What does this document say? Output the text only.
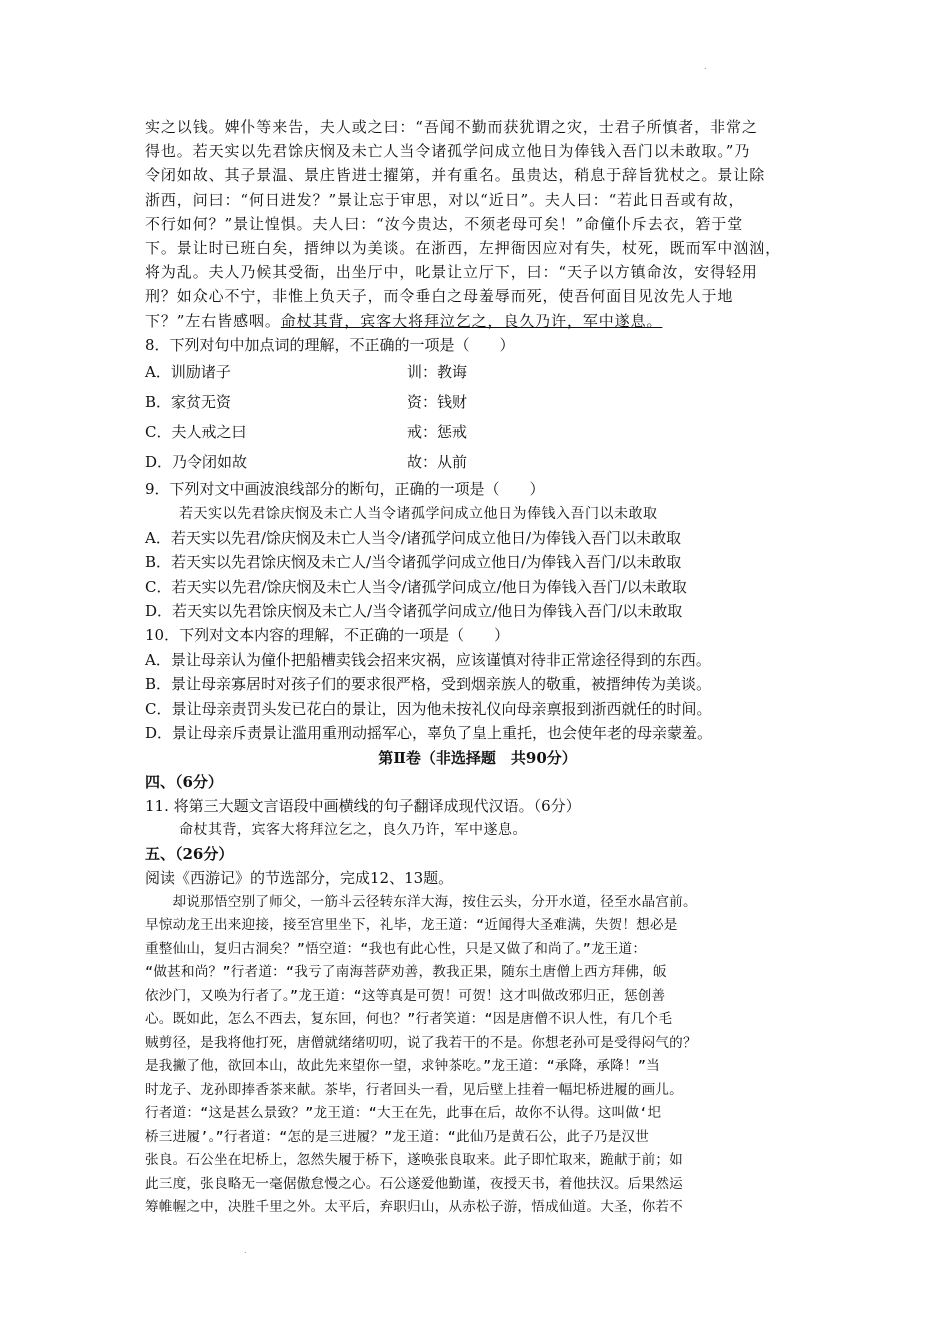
.
实之以钱。婢仆等来告，夫人或之曰：“吾闻不勤而获犹谓之灾，士君子所慎者，非常之
得也。若天实以先君馀庆悯及未亡人当令诸孤学问成立他日为俸钱入吾门以未敢取。”乃
令闭如故、其子景温、景庄皆进士擢第，并有重名。虽贵达，稍息于辞旨犹杖之。景让除
浙西，问曰：“何日进发？”景让忘于审思，对以“近日”。夫人曰：“若此日吾或有故，
不行如何？”景让惶惧。夫人曰：“汝今贵达，不须老母可矣！”命僮仆斥去衣，箬于堂
下。景让时已班白矣，搢绅以为美谈。在浙西，左押衙因应对有失，杖死，既而军中汹汹，
将为乱。夫人乃候其受衙，出坐厅中，叱景让立厅下，曰：“天子以方镇命汝，安得轻用
刑？如众心不宁，非惟上负天子，而令垂白之母羞辱而死，使吾何面目见汝先人于地
下？”左右皆感咽。命杖其背，宾客大将拜泣乞之，良久乃许，军中遂息。
8．下列对句中加点词的理解，不正确的一项是（　　）
A．训励诸子	训：教诲
B．家贫无资	资：钱财
C．夫人戒之曰	戒：惩戒
D．乃令闭如故	故：从前
9．下列对文中画波浪线部分的断句，正确的一项是（　　）
若天实以先君馀庆悯及未亡人当令诸孤学问成立他日为俸钱入吾门以未敢取
A．若天实以先君/馀庆悯及未亡人当令/诸孤学问成立他日/为俸钱入吾门以未敢取
B．若天实以先君馀庆悯及未亡人/当令诸孤学问成立他日/为俸钱入吾门/以未敢取
C．若天实以先君/馀庆悯及未亡人当令/诸孤学问成立/他日为俸钱入吾门/以未敢取
D．若天实以先君馀庆悯及未亡人/当令诸孤学问成立/他日为俸钱入吾门/以未敢取
10．下列对文本内容的理解，不正确的一项是（　　）
A．景让母亲认为僮仆把船槽卖钱会招来灾祸，应该谨慎对待非正常途径得到的东西。
B．景让母亲寡居时对孩子们的要求很严格，受到烟亲族人的敬重，被搢绅传为美谈。
C．景让母亲责罚头发已花白的景让，因为他未按礼仪向母亲禀报到浙西就任的时间。
D．景让母亲斥责景让滥用重刑动摇军心，辜负了皇上重托，也会使年老的母亲蒙羞。
第Ⅱ卷（非选择题　共90分）
四、（6分）
11. 将第三大题文言语段中画横线的句子翻译成现代汉语。（6分）
命杖其背，宾客大将拜泣乞之，良久乃许，军中遂息。
五、（26分）
阅读《西游记》的节选部分，完成12、13题。
　　却说那悟空别了师父，一筋斗云径转东洋大海，按住云头，分开水道，径至水晶宫前。
早惊动龙王出来迎接，接至宫里坐下，礼毕，龙王道：“近闻得大圣难满，失贺！想必是
重整仙山，复归古洞矣？”悟空道：“我也有此心性，只是又做了和尚了。”龙王道：
“做甚和尚？”行者道：“我亏了南海菩萨劝善，教我正果，随东土唐僧上西方拜佛，皈
依沙门，又唤为行者了。”龙王道：“这等真是可贺！可贺！这才叫做改邪归正，惩创善
心。既如此，怎么不西去，复东回，何也？”行者笑道：“因是唐僧不识人性，有几个毛
贼剪径，是我将他打死，唐僧就绪绪叨叨，说了我若干的不是。你想老孙可是受得闷气的？
是我撇了他，欲回本山，故此先来望你一望，求钟茶吃。”龙王道：“承降，承降！”当
时龙子、龙孙即捧香茶来献。茶毕，行者回头一看，见后壁上挂着一幅圯桥进履的画儿。
行者道：“这是甚么景致？”龙王道：“大王在先，此事在后，故你不认得。这叫做‘圯
桥三进履’。”行者道：“怎的是三进履？”龙王道：“此仙乃是黄石公，此子乃是汉世
张良。石公坐在圯桥上，忽然失履于桥下，遂唤张良取来。此子即忙取来，跪献于前；如
此三度，张良略无一毫倨傲怠慢之心。石公遂爱他勤谨，夜授天书，着他扶汉。后果然运
筹帷幄之中，决胜千里之外。太平后，弃职归山，从赤松子游，悟成仙道。大圣，你若不
.
